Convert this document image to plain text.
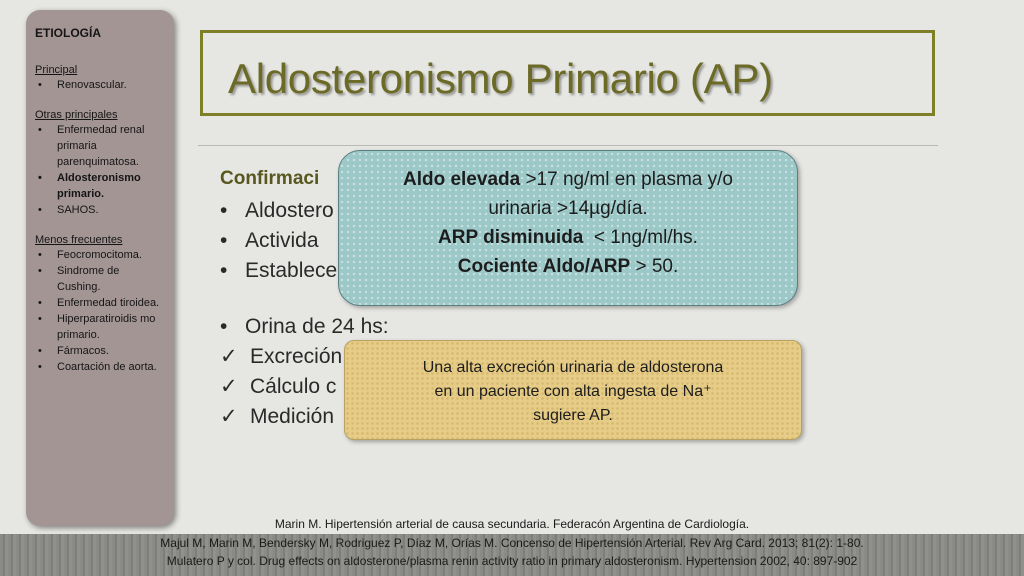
ETIOLOGÍA
Principal
• Renovascular.
Otras principales
• Enfermedad renal primaria parenquimatosa.
• Aldosteronismo primario.
• SAHOS.
Menos frecuentes
• Feocromocitoma.
• Sindrome de Cushing.
• Enfermedad tiroidea.
• Hiperparatiroidis mo primario.
• Fármacos.
• Coartación de aorta.
Aldosteronismo Primario (AP)
Confirmaci
• Aldostero
• Activida
• Establece
• Orina de 24 hs:
✓ Excreción
✓ Cálculo c
✓ Medición
Aldo elevada >17 ng/ml en plasma y/o
urinaria >14µg/día.
ARP disminuida  < 1ng/ml/hs.
Cociente Aldo/ARP > 50.
Una alta excreción urinaria de aldosterona
en un paciente con alta ingesta de Na⁺
sugiere AP.
Marin M. Hipertensión arterial de causa secundaria. Federacón Argentina de Cardiología.
Majul M, Marin M, Bendersky M, Rodriguez P, Díaz M, Orías M. Concenso de Hipertensión Arterial. Rev Arg Card. 2013; 81(2): 1-80.
Mulatero P y col. Drug effects on aldosterone/plasma renin activity ratio in primary aldosteronism. Hypertension 2002, 40: 897-902
